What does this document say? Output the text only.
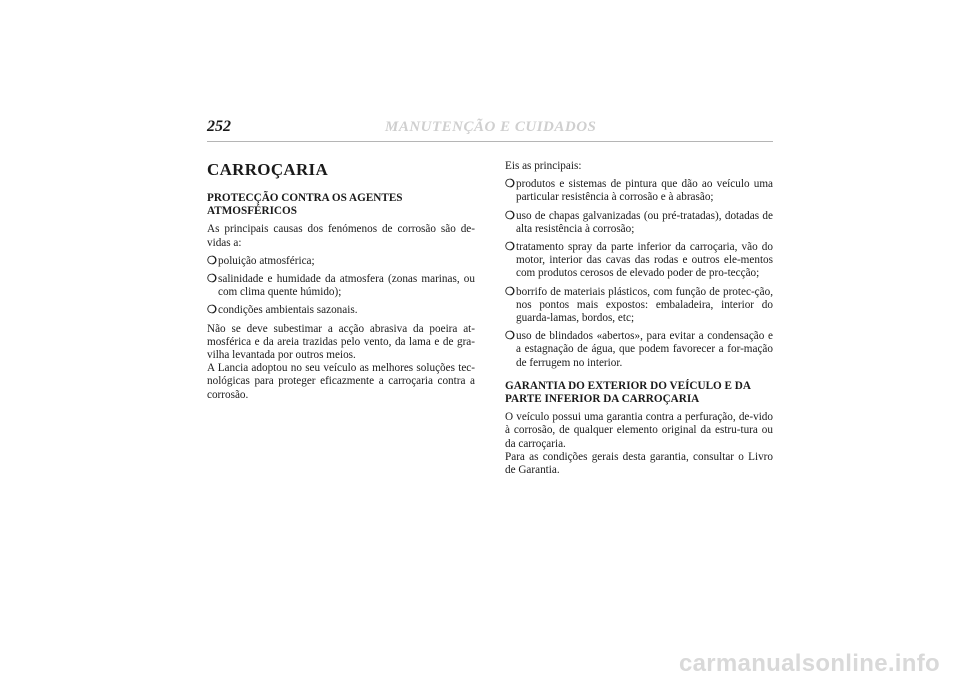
252	MANUTENÇÃO E CUIDADOS
CARROÇARIA
PROTECÇÃO CONTRA OS AGENTES ATMOSFÉRICOS

As principais causas dos fenómenos de corrosão são de-vidas a:

❍ poluição atmosférica;
❍ salinidade e humidade da atmosfera (zonas marinas, ou com clima quente húmido);
❍ condições ambientais sazonais.

Não se deve subestimar a acção abrasiva da poeira at-mosférica e da areia trazidas pelo vento, da lama e de gra-vilha levantada por outros meios.

A Lancia adoptou no seu veículo as melhores soluções tec-nológicas para proteger eficazmente a carroçaria contra a corrosão.

Eis as principais:

❍ produtos e sistemas de pintura que dão ao veículo uma particular resistência à corrosão e à abrasão;
❍ uso de chapas galvanizadas (ou pré-tratadas), dotadas de alta resistência à corrosão;
❍ tratamento spray da parte inferior da carroçaria, vão do motor, interior das cavas das rodas e outros ele-mentos com produtos cerosos de elevado poder de pro-tecção;
❍ borrifo de materiais plásticos, com função de protec-ção, nos pontos mais expostos: embaladeira, interior do guarda-lamas, bordos, etc;
❍ uso de blindados «abertos», para evitar a condensação e a estagnação de água, que podem favorecer a for-mação de ferrugem no interior.
GARANTIA DO EXTERIOR DO VEÍCULO E DA PARTE INFERIOR DA CARROÇARIA

O veículo possui uma garantia contra a perfuração, de-vido à corrosão, de qualquer elemento original da estru-tura ou da carroçaria.

Para as condições gerais desta garantia, consultar o Livro de Garantia.

carmanualsonline.info
